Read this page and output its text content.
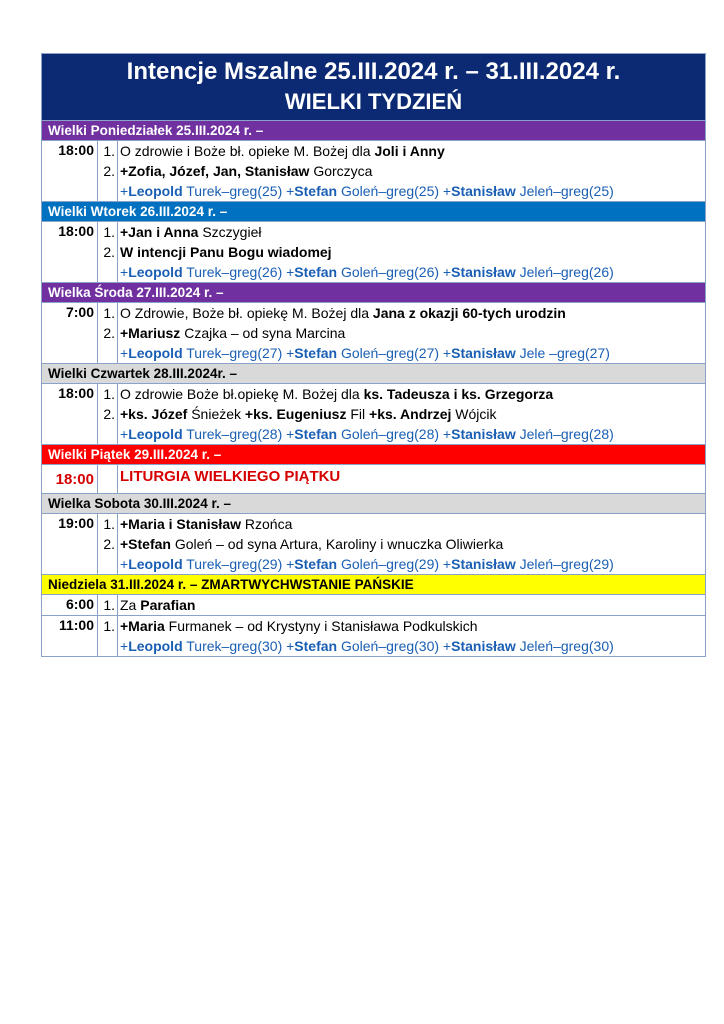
Intencje Mszalne 25.III.2024 r. – 31.III.2024 r.
WIELKI TYDZIEŃ
Wielki Poniedziałek 25.III.2024 r. –
18:00 1.
2.
O zdrowie i Boże bł. opieke M. Bożej dla Joli i Anny
+Zofia, Józef, Jan, Stanisław Gorczyca
+Leopold Turek–greg(25) +Stefan Goleń–greg(25) +Stanisław Jeleń–greg(25)
Wielki Wtorek 26.III.2024 r. –
18:00 1.
2.
+Jan i Anna Szczygieł
W intencji Panu Bogu wiadomej
+Leopold Turek–greg(26) +Stefan Goleń–greg(26) +Stanisław Jeleń–greg(26)
Wielka Środa 27.III.2024 r. –
7:00 1.
2.
O Zdrowie, Boże bł. opiekę M. Bożej dla Jana z okazji 60-tych urodzin
+Mariusz Czajka – od syna Marcina
+Leopold Turek–greg(27) +Stefan Goleń–greg(27) +Stanisław Jele –greg(27)
Wielki Czwartek 28.III.2024r. –
18:00 1.
2.
O zdrowie Boże bł.opiekę M. Bożej dla ks. Tadeusza i ks. Grzegorza
+ks. Józef Śnieżek +ks. Eugeniusz Fil +ks. Andrzej Wójcik
+Leopold Turek–greg(28) +Stefan Goleń–greg(28) +Stanisław Jeleń–greg(28)
Wielki Piątek 29.III.2024 r. –
18:00 LITURGIA WIELKIEGO PIĄTKU
Wielka Sobota 30.III.2024 r. –
19:00 1.
2.
+Maria i Stanisław Rzońca
+Stefan Goleń – od syna Artura, Karoliny i wnuczka Oliwierka
+Leopold Turek–greg(29) +Stefan Goleń–greg(29) +Stanisław Jeleń–greg(29)
Niedziela 31.III.2024 r. – ZMARTWYCHWSTANIE PAŃSKIE
6:00 1. Za Parafian
11:00 1. +Maria Furmanek – od Krystyny i Stanisława Podkulskich
+Leopold Turek–greg(30) +Stefan Goleń–greg(30) +Stanisław Jeleń–greg(30)
